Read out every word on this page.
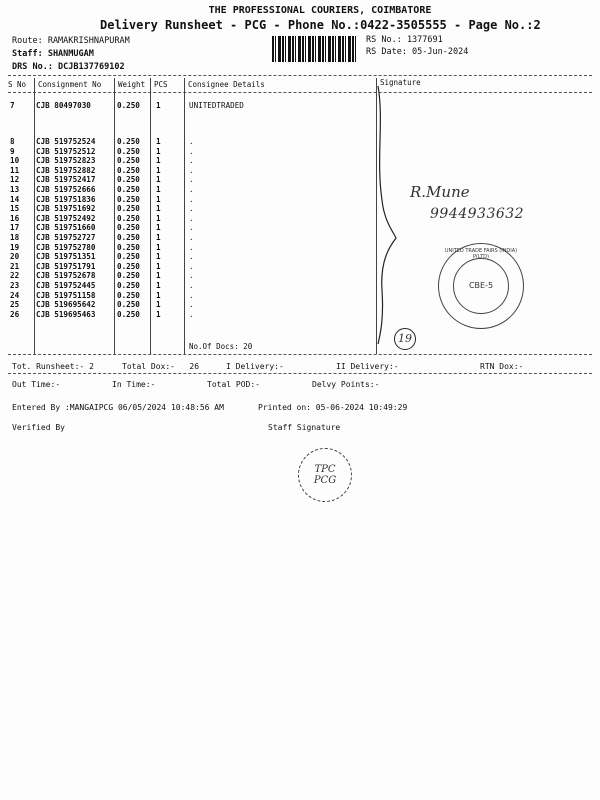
THE PROFESSIONAL COURIERS, COIMBATORE
Delivery Runsheet - PCG - Phone No.:0422-3505555 - Page No.:2
Route: RAMAKRISHNAPURAM
Staff: SHANMUGAM
DRS No.: DCJB137769102
RS No.: 1377691
RS Date: 05-Jun-2024
S No Consignment No Weight PCS	Consignee Details	Signature
7	CJB 80497030	0.250 1	UNITEDTRADED
8	CJB 519752524	0.250 1	.
9	CJB 519752512	0.250 1	.
10 CJB 519752823	0.250 1	.
11 CJB 519752882	0.250 1	.
12 CJB 519752417	0.250 1	.
13 CJB 519752666	0.250 1	.
14 CJB 519751836	0.250 1	.
15 CJB 519751692	0.250 1	.
16 CJB 519752492	0.250 1	.
17 CJB 519751660	0.250 1	.
18 CJB 519752727	0.250 1	.
19 CJB 519752780	0.250 1	.
20 CJB 519751351	0.250 1	.
21 CJB 519751791	0.250 1	.
22 CJB 519752678	0.250 1	.
23 CJB 519752445	0.250 1	.
24 CJB 519751158	0.250 1	.
25 CJB 519695642	0.250 1	.
26 CJB 519695463	0.250 1	.
No.Of Docs: 20
Tot. Runsheet:- 2	Total Dox:-   26	I Delivery:-	II Delivery:-	RTN Dox:-
Out Time:-	In Time:-	Total POD:-	Delvy Points:-
Entered By :MANGAIPCG 06/05/2024 10:48:56 AM	Printed on: 05-06-2024 10:49:29
Verified By	Staff Signature
R.Mune
9944933632
19
UNITED TRADE FAIRS (INDIA) P(LTD)
CBE-5
TPC PCG
